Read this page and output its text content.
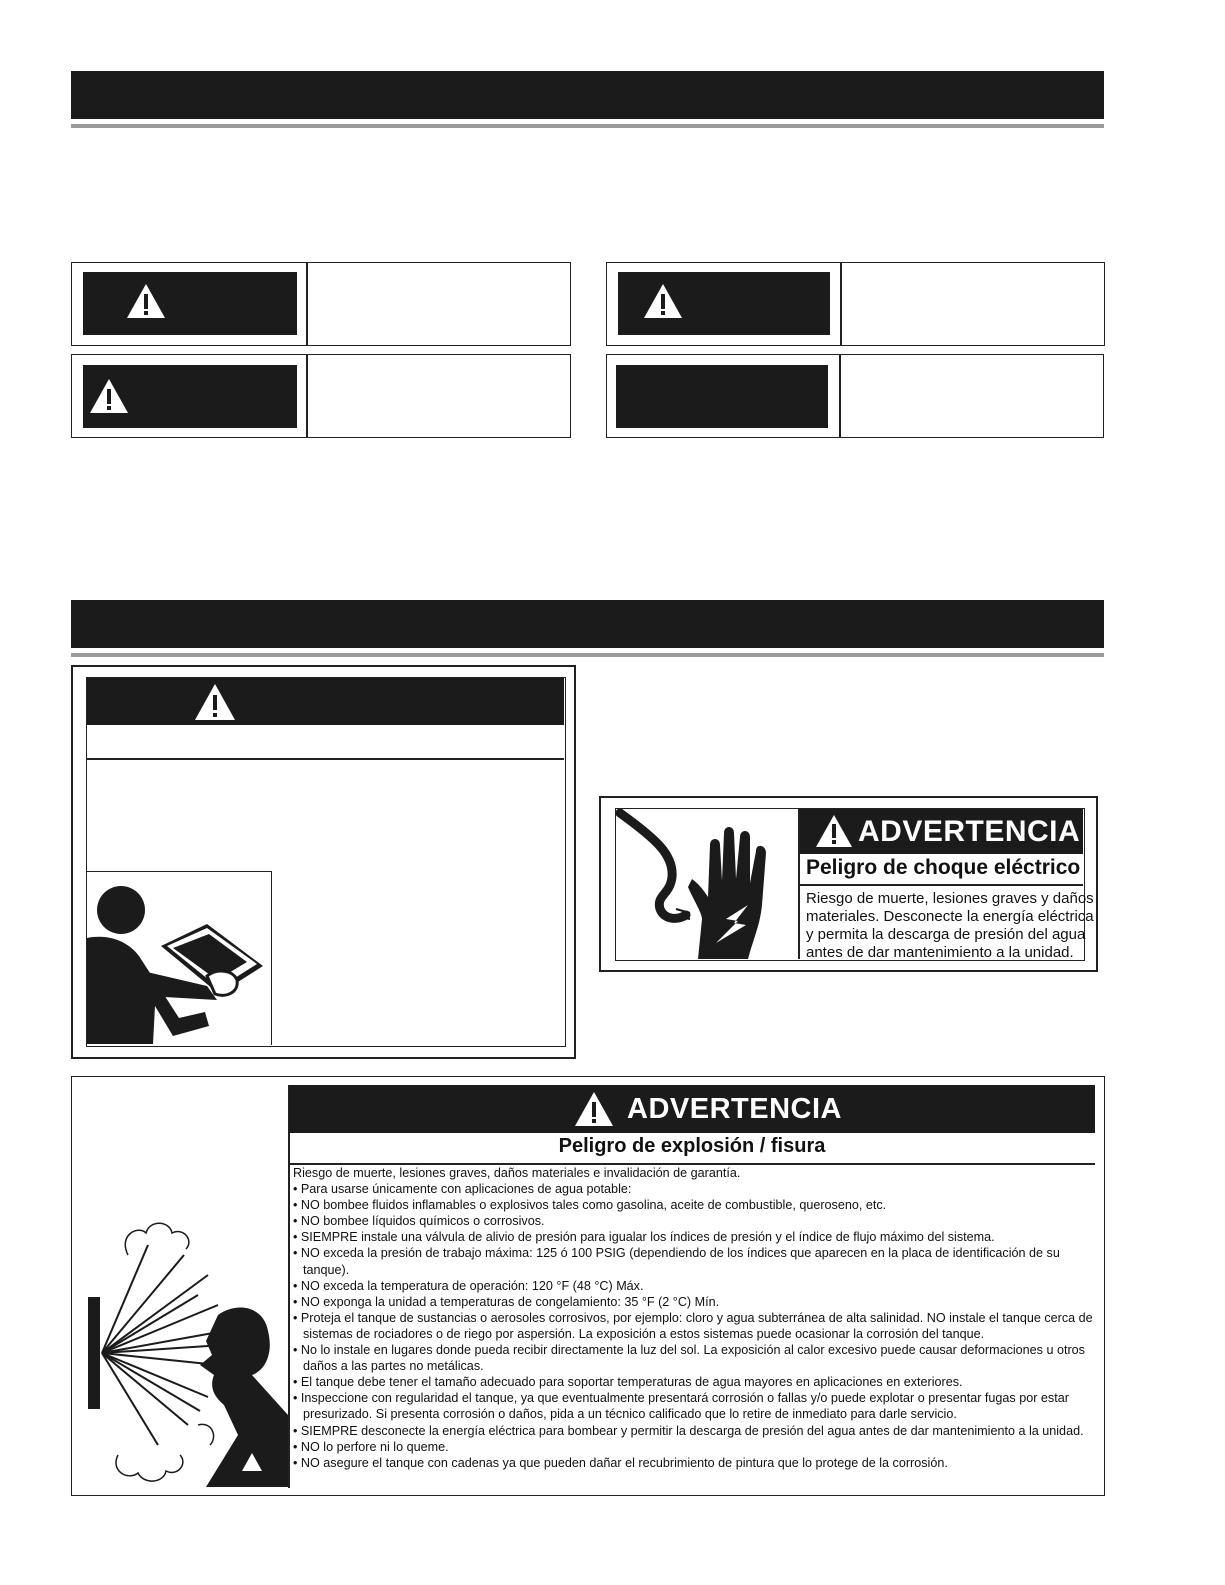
ADVERTENCIA
Peligro de choque eléctrico
Riesgo de muerte, lesiones graves y daños
materiales. Desconecte la energía eléctrica
y permita la descarga de presión del agua
antes de dar mantenimiento a la unidad.
ADVERTENCIA
Peligro de explosión / fisura
Riesgo de muerte, lesiones graves, daños materiales e invalidación de garantía.
• Para usarse únicamente con aplicaciones de agua potable:
• NO bombee fluidos inflamables o explosivos tales como gasolina, aceite de combustible, queroseno, etc.
• NO bombee líquidos químicos o corrosivos.
• SIEMPRE instale una válvula de alivio de presión para igualar los índices de presión y el índice de flujo máximo del sistema.
• NO exceda la presión de trabajo máxima: 125 ó 100 PSIG (dependiendo de los índices que aparecen en la placa de identificación de su tanque).
• NO exceda la temperatura de operación: 120 °F (48 °C) Máx.
• NO exponga la unidad a temperaturas de congelamiento: 35 °F (2 °C) Mín.
• Proteja el tanque de sustancias o aerosoles corrosivos, por ejemplo: cloro y agua subterránea de alta salinidad. NO instale el tanque cerca de sistemas de rociadores o de riego por aspersión. La exposición a estos sistemas puede ocasionar la corrosión del tanque.
• No lo instale en lugares donde pueda recibir directamente la luz del sol. La exposición al calor excesivo puede causar deformaciones u otros daños a las partes no metálicas.
• El tanque debe tener el tamaño adecuado para soportar temperaturas de agua mayores en aplicaciones en exteriores.
• Inspeccione con regularidad el tanque, ya que eventualmente presentará corrosión o fallas y/o puede explotar o presentar fugas por estar presurizado. Si presenta corrosión o daños, pida a un técnico calificado que lo retire de inmediato para darle servicio.
• SIEMPRE desconecte la energía eléctrica para bombear y permitir la descarga de presión del agua antes de dar mantenimiento a la unidad.
• NO lo perfore ni lo queme.
• NO asegure el tanque con cadenas ya que pueden dañar el recubrimiento de pintura que lo protege de la corrosión.
